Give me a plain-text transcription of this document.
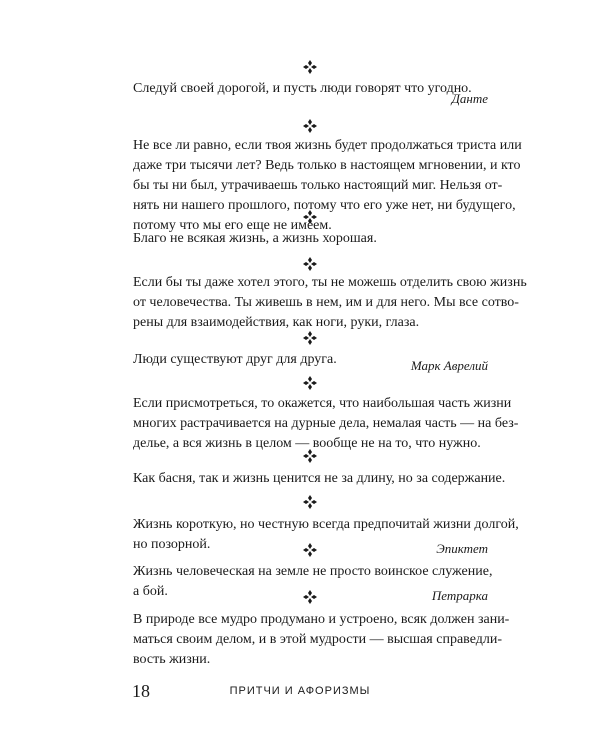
Следуй своей дорогой, и пусть люди говорят что угодно.
Данте
Не все ли равно, если твоя жизнь будет продолжаться триста или
даже три тысячи лет? Ведь только в настоящем мгновении, и кто
бы ты ни был, утрачиваешь только настоящий миг. Нельзя от-
нять ни нашего прошлого, потому что его уже нет, ни будущего,
потому что мы его еще не имеем.
Благо не всякая жизнь, а жизнь хорошая.
Если бы ты даже хотел этого, ты не можешь отделить свою жизнь
от человечества. Ты живешь в нем, им и для него. Мы все сотво-
рены для взаимодействия, как ноги, руки, глаза.
Люди существуют друг для друга.	Марк Аврелий
Если присмотреться, то окажется, что наибольшая часть жизни
многих растрачивается на дурные дела, немалая часть — на без-
делье, а вся жизнь в целом — вообще не на то, что нужно.
Как басня, так и жизнь ценится не за длину, но за содержание.
Жизнь короткую, но честную всегда предпочитай жизни долгой,
но позорной.	Эпиктет
Жизнь человеческая на земле не просто воинское служение,
а бой.	Петрарка
В природе все мудро продумано и устроено, всяк должен зани-
маться своим делом, и в этой мудрости — высшая справедли-
вость жизни.
18	ПРИТЧИ И АФОРИЗМЫ
